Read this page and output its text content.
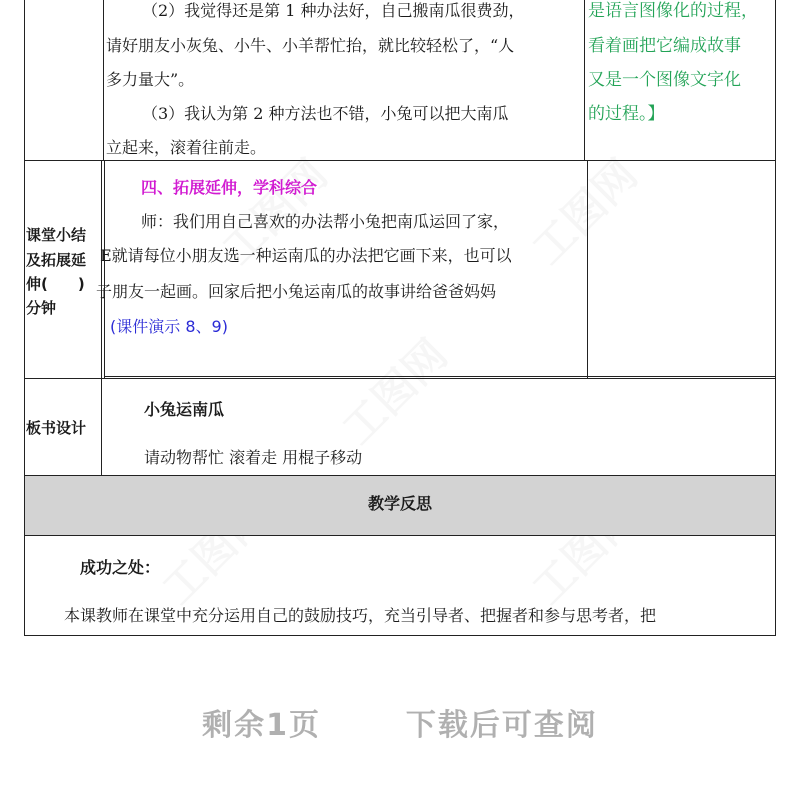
（2）我觉得还是第 1 种办法好，自己搬南瓜很费劲，
请好朋友小灰兔、小牛、小羊帮忙抬，就比较轻松了，“人
多力量大”。
（3）我认为第 2 种方法也不错，小兔可以把大南瓜
立起来，滚着往前走。
是语言图像化的过程，
看着画把它编成故事
又是一个图像文字化
的过程。】
课堂小结
及拓展延
伸(　　)
分钟
四、拓展延伸，学科综合
师：我们用自己喜欢的办法帮小兔把南瓜运回了家，
E就请每位小朋友选一种运南瓜的办法把它画下来，也可以
子朋友一起画。回家后把小兔运南瓜的故事讲给爸爸妈妈
(课件演示 8、9)
板书设计
小兔运南瓜
请动物帮忙 滚着走 用棍子移动
教学反思
成功之处：
本课教师在课堂中充分运用自己的鼓励技巧，充当引导者、把握者和参与思考者，把
剩余1页	下载后可查阅
